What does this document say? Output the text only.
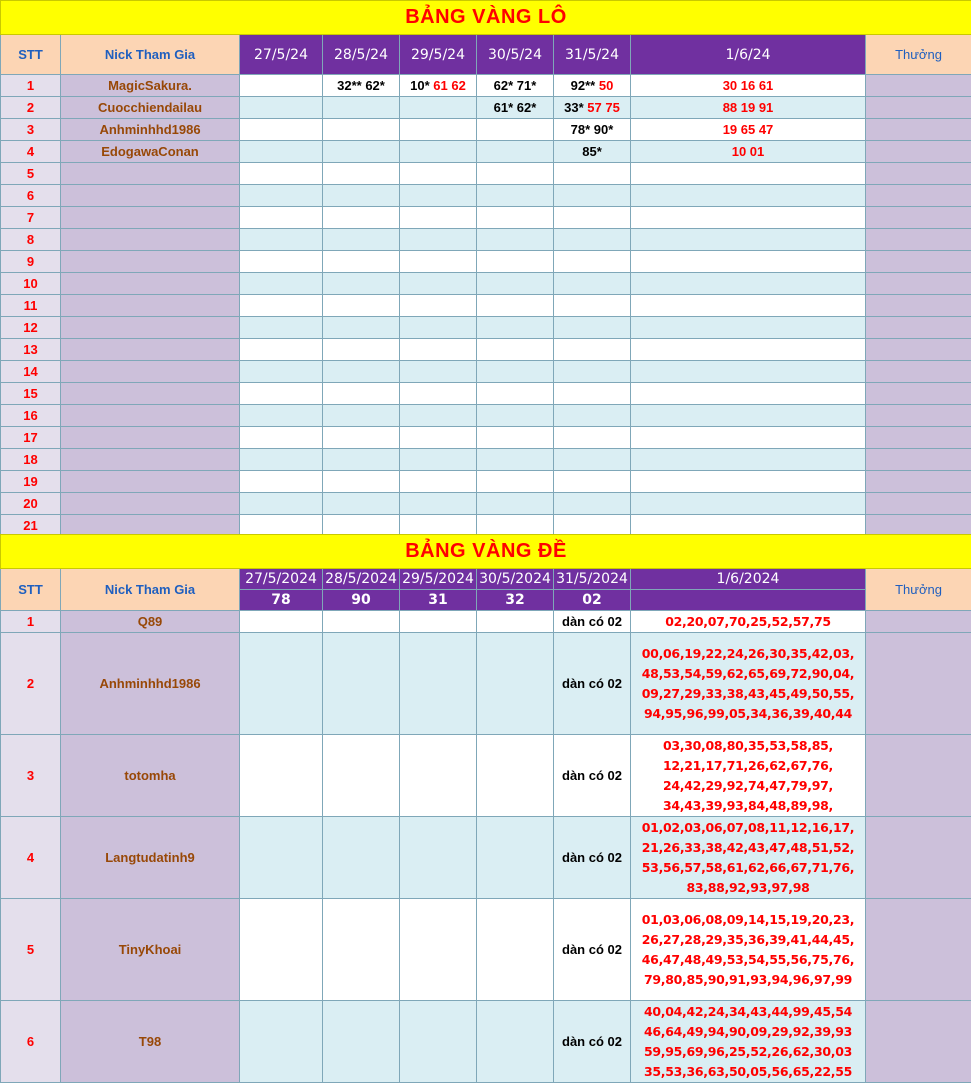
BẢNG VÀNG LÔ								
STT	Nick Tham Gia	27/5/24	28/5/24	29/5/24	30/5/24	31/5/24	1/6/24	Thưởng
1	MagicSakura.		32** 62*	10* 61 62	62* 71*	92** 50	30 16 61	
2	Cuocchiendailau				61* 62*	33* 57 75	88 19 91	
3	Anhminhhd1986					78* 90*	19 65 47	
4	EdogawaConan					85*	10 01	
5								
6								
7								
8								
9								
10								
11								
12								
13								
14								
15								
16								
17								
18								
19								
20								
21								
BẢNG VÀNG ĐỀ								
STT	Nick Tham Gia	27/5/2024	28/5/2024	29/5/2024	30/5/2024	31/5/2024	1/6/2024	Thưởng
		78	90	31	32	02		
1	Q89					dàn có 02	02,20,07,70,25,52,57,75	

2	Anhminhhd1986					dàn có 02	00,06,19,22,24,26,30,35,42,03,
48,53,54,59,62,65,69,72,90,04,
09,27,29,33,38,43,45,49,50,55,
94,95,96,99,05,34,36,39,40,44	

3	totomha					dàn có 02	03,30,08,80,35,53,58,85,
12,21,17,71,26,62,67,76,
24,42,29,92,74,47,79,97,
34,43,39,93,84,48,89,98,	

4	Langtudatinh9					dàn có 02	01,02,03,06,07,08,11,12,16,17,
21,26,33,38,42,43,47,48,51,52,
53,56,57,58,61,62,66,67,71,76,
83,88,92,93,97,98	

5	TinyKhoai					dàn có 02	01,03,06,08,09,14,15,19,20,23,
26,27,28,29,35,36,39,41,44,45,
46,47,48,49,53,54,55,56,75,76,
79,80,85,90,91,93,94,96,97,99	

6	T98					dàn có 02	40,04,42,24,34,43,44,99,45,54
46,64,49,94,90,09,29,92,39,93
59,95,69,96,25,52,26,62,30,03
35,53,36,63,50,05,56,65,22,55	
